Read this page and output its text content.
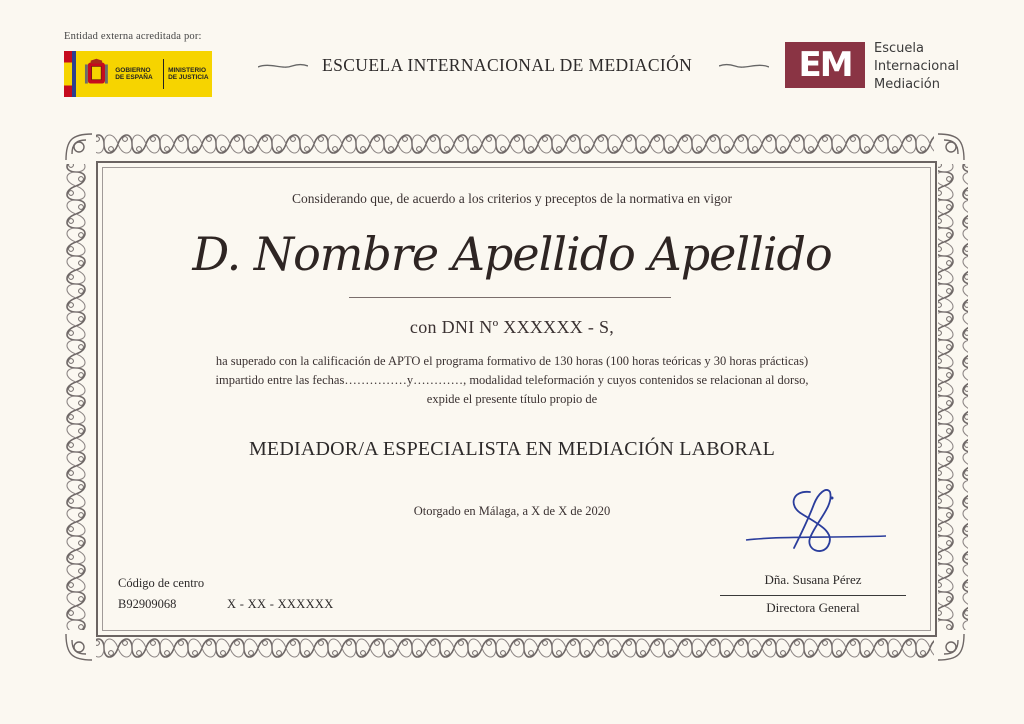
Entidad externa acreditada por:
GOBIERNO DE ESPAÑA
MINISTERIO DE JUSTICIA
ESCUELA INTERNACIONAL DE MEDIACIÓN	EM	Escuela
Internacional
Mediación
Considerando que, de acuerdo a los criterios y preceptos de la normativa en vigor
D. Nombre Apellido Apellido
con DNI Nº XXXXXX - S,
ha superado con la calificación de APTO el programa formativo de 130 horas (100 horas teóricas y 30 horas prácticas)
impartido entre las fechas……………y…………, modalidad teleformación y cuyos contenidos se relacionan al dorso,
expide el presente título propio de
MEDIADOR/A ESPECIALISTA EN MEDIACIÓN LABORAL
Otorgado en Málaga, a X de X de 2020
Código de centro
B92909068	X - XX - XXXXXX
Dña. Susana Pérez
Directora General
